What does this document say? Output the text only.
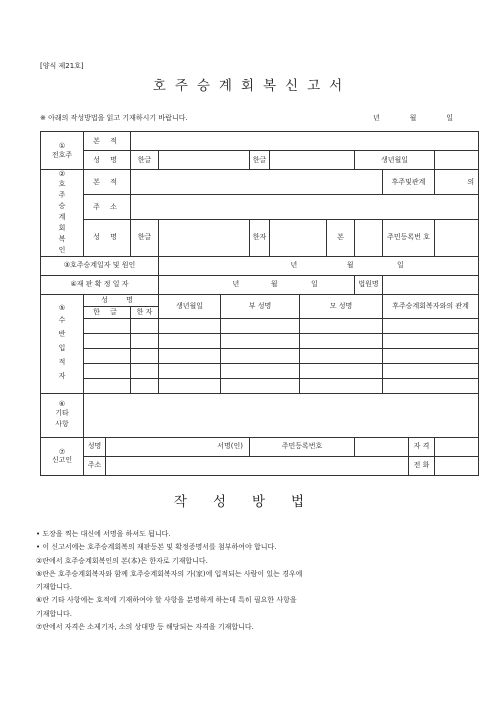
[양식 제21호]
호주승계회복신고서
※ 아래의 작성방법을 읽고 기재하시기 바랍니다.	년	월	일
①
전호주	본 적												
	성 명		한글			한글				생년월일			

②
호주승계회복인	본 적										후주및관계		의
	주 소												
	성 명		한글			한자			본		주민등록번 호		
③호주승계일자 및 원인				년 월 일									
④재 판 확 정 일 자				년 월 일						법원명			

⑤
수반입적자	성 명			생년월일	부 성명			모 성명			후주승계회복자와의 관계		
	한 글		한 자										

⑥
기타사항													

⑦
신고인	성명	서명(인)				주민등록번호						자 격	
	주소											전 화	
작성방법
• 도장을 찍는 대신에 서명을 하셔도 됩니다.
• 이 신고서에는 호주승계회복의 재판등본 및 확정증명서를 첨부하여야 합니다.
②란에서 호주승계회복인의 본(本)은 한자로 기재합니다.
⑤란은 호주승계회복자와 함께 호주승계회복자의 가(家)에 입적되는 사람이 있는 경우에
기재합니다.
⑥란 기타 사항에는 호적에 기재하여야 할 사항을 분명하게 하는데 특히 필요한 사항을
기재합니다.
⑦란에서 자격은 소제기자, 소의 상대방 등 해당되는 자격을 기재합니다.
